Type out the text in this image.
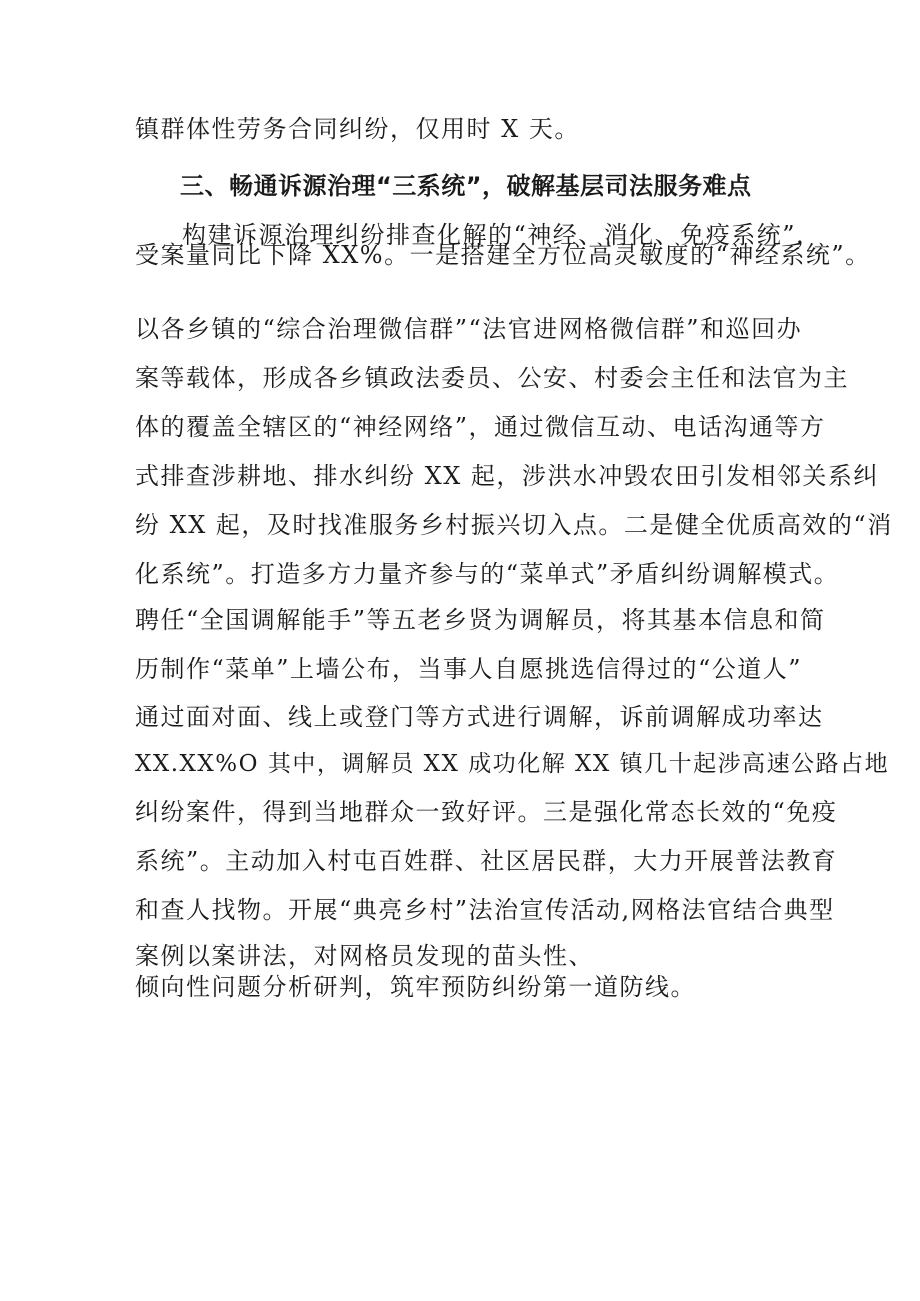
镇群体性劳务合同纠纷，仅用时 X 天。
三、畅通诉源治理“三系统”，破解基层司法服务难点
构建诉源治理纠纷排查化解的“神经、消化、免疫系统”，
受案量同比下降 XX%。一是搭建全方位高灵敏度的“神经系统”。
以各乡镇的“综合治理微信群”“法官进网格微信群”和巡回办
案等载体，形成各乡镇政法委员、公安、村委会主任和法官为主
体的覆盖全辖区的“神经网络”，通过微信互动、电话沟通等方
式排查涉耕地、排水纠纷 XX 起，涉洪水冲毁农田引发相邻关系纠
纷 XX 起，及时找准服务乡村振兴切入点。二是健全优质高效的“消
化系统”。打造多方力量齐参与的“菜单式”矛盾纠纷调解模式。
聘任“全国调解能手”等五老乡贤为调解员，将其基本信息和简
历制作“菜单”上墙公布，当事人自愿挑选信得过的“公道人”
通过面对面、线上或登门等方式进行调解，诉前调解成功率达
XX.XX%O 其中，调解员 XX 成功化解 XX 镇几十起涉高速公路占地
纠纷案件，得到当地群众一致好评。三是强化常态长效的“免疫
系统”。主动加入村屯百姓群、社区居民群，大力开展普法教育
和查人找物。开展“典亮乡村”法治宣传活动,网格法官结合典型
案例以案讲法，对网格员发现的苗头性、
倾向性问题分析研判，筑牢预防纠纷第一道防线。
